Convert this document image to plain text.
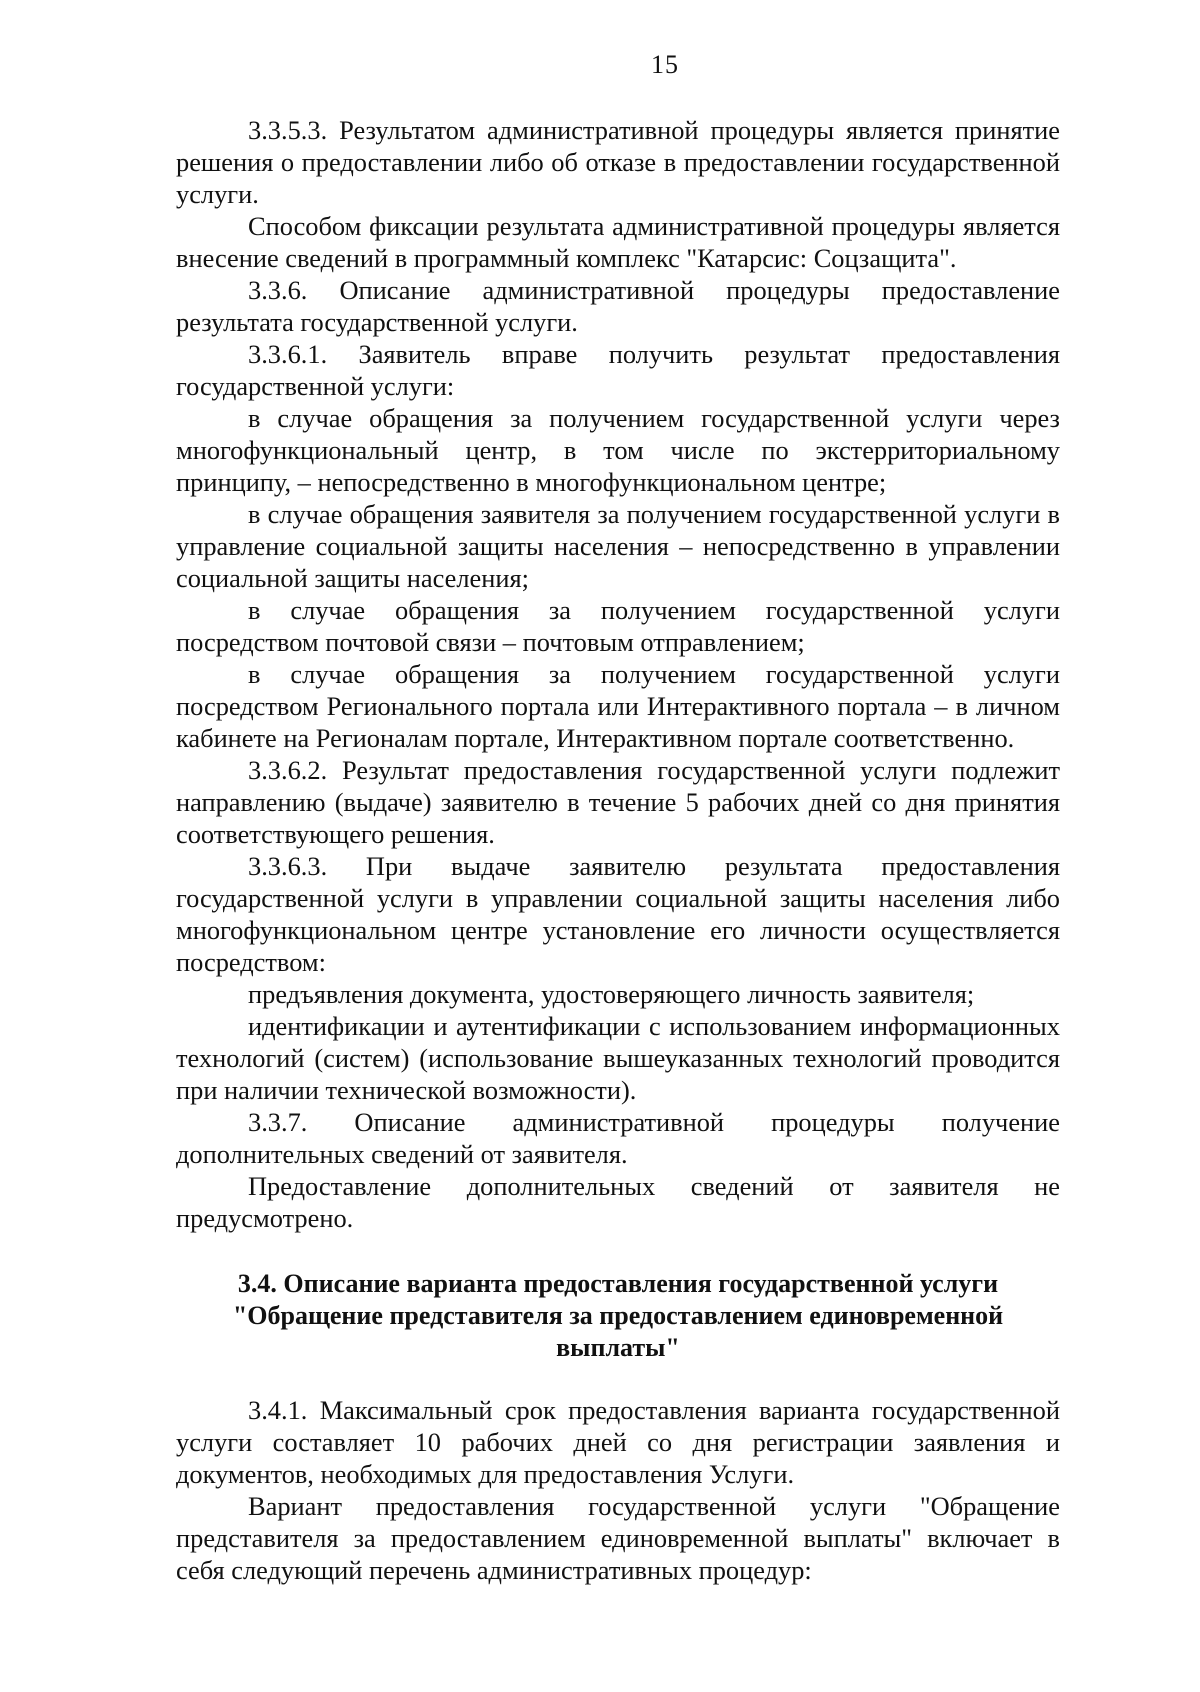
15

3.3.5.3. Результатом административной процедуры является принятие решения о предоставлении либо об отказе в предоставлении государственной услуги.

Способом фиксации результата административной процедуры является внесение сведений в программный комплекс "Катарсис: Соцзащита".

3.3.6. Описание административной процедуры предоставление результата государственной услуги.

3.3.6.1. Заявитель вправе получить результат предоставления государственной услуги:

в случае обращения за получением государственной услуги через многофункциональный центр, в том числе по экстерриториальному принципу, – непосредственно в многофункциональном центре;

в случае обращения заявителя за получением государственной услуги в управление социальной защиты населения – непосредственно в управлении социальной защиты населения;

в случае обращения за получением государственной услуги посредством почтовой связи – почтовым отправлением;

в случае обращения за получением государственной услуги посредством Регионального портала или Интерактивного портала – в личном кабинете на Регионалам портале, Интерактивном портале соответственно.

3.3.6.2. Результат предоставления государственной услуги подлежит направлению (выдаче) заявителю в течение 5 рабочих дней со дня принятия соответствующего решения.

3.3.6.3. При выдаче заявителю результата предоставления государственной услуги в управлении социальной защиты населения либо многофункциональном центре установление его личности осуществляется посредством:

предъявления документа, удостоверяющего личность заявителя;

идентификации и аутентификации с использованием информационных технологий (систем) (использование вышеуказанных технологий проводится при наличии технической возможности).

3.3.7. Описание административной процедуры получение дополнительных сведений от заявителя.

Предоставление дополнительных сведений от заявителя не предусмотрено.

3.4. Описание варианта предоставления государственной услуги "Обращение представителя за предоставлением единовременной выплаты"

3.4.1. Максимальный срок предоставления варианта государственной услуги составляет 10 рабочих дней со дня регистрации заявления и документов, необходимых для предоставления Услуги.

Вариант предоставления государственной услуги "Обращение представителя за предоставлением единовременной выплаты" включает в себя следующий перечень административных процедур:
